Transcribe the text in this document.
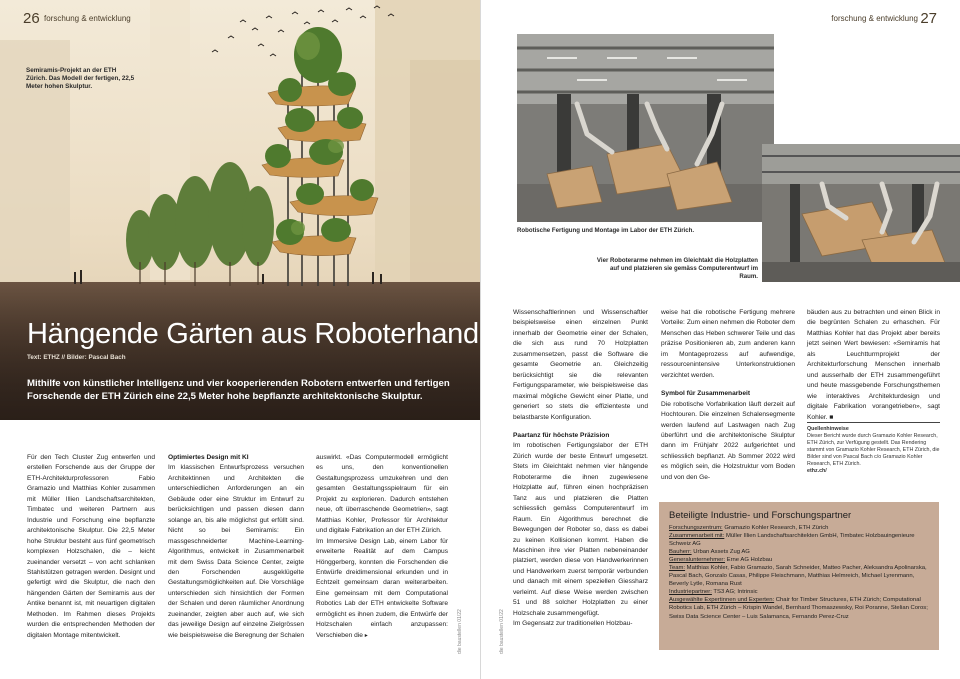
26 forschung & entwicklung
Semiramis-Projekt an der ETH Zürich. Das Modell der fertigen, 22,5 Meter hohen Skulptur.
Hängende Gärten aus Roboterhand
Text: ETHZ // Bilder: Pascal Bach
Mithilfe von künstlicher Intelligenz und vier kooperierenden Robotern entwerfen und fertigen Forschende der ETH Zürich eine 22,5 Meter hohe bepflanzte architektonische Skulptur.

Für den Tech Cluster Zug entwerfen und erstellen Forschende aus der Gruppe der ETH-Architekturprofessoren Fabio Gramazio und Matthias Kohler zusammen mit Müller Illien Landschaftsarchitekten, Timbatec und weiteren Partnern aus Industrie und Forschung eine bepflanzte architektonische Skulptur. Die 22,5 Meter hohe Struktur besteht aus fünf geometrisch komplexen Holzschalen, die – leicht zueinander versetzt – von acht schlanken Stahlstützen getragen werden. Designt und gefertigt wird die Skulptur, die nach den hängenden Gärten der Semiramis aus der Antike benannt ist, mit neuartigen digitalen Methoden. Im Rahmen dieses Projekts wurden die entsprechenden Methoden der digitalen Montage mitentwickelt.

Optimiertes Design mit KI

Im klassischen Entwurfsprozess versuchen Architektinnen und Architekten die unterschiedlichen Anforderungen an ein Gebäude oder eine Struktur im Entwurf zu berücksichtigen und passen diesen dann solange an, bis alle möglichst gut erfüllt sind. Nicht so bei Semiramis: Ein massgeschneiderter Machine-Learning-Algorithmus, entwickelt in Zusammenarbeit mit dem Swiss Data Science Center, zeigte den Forschenden ausgeklügelte Gestaltungsmöglichkeiten auf. Die Vorschläge unterschieden sich hinsichtlich der Formen der Schalen und deren räumlicher Anordnung zueinander, zeigten aber auch auf, wie sich das jeweilige Design auf einzelne Zielgrössen wie beispielsweise die Beregnung der Schalen

auswirkt. «Das Computermodell ermöglicht es uns, den konventionellen Gestaltungsprozess umzukehren und den gesamten Gestaltungsspielraum für ein Projekt zu explorieren. Dadurch entstehen neue, oft überraschende Geometrien», sagt Matthias Kohler, Professor für Architektur und digitale Fabrikation an der ETH Zürich.

Im Immersive Design Lab, einem Labor für erweiterte Realität auf dem Campus Hönggerberg, konnten die Forschenden die Entwürfe dreidimensional erkunden und in Echtzeit gemeinsam daran weiterarbeiten. Eine gemeinsam mit dem Computational Robotics Lab der ETH entwickelte Software ermöglicht es ihnen zudem, die Entwürfe der Holzschalen einfach anzupassen: Verschieben die ▸	die baustellen 01/22
forschung & entwicklung 27
Robotische Fertigung und Montage im Labor der ETH Zürich.
Vier Roboterarme nehmen im Gleichtakt die Holzplatten auf und platzieren sie gemäss Computerentwurf im Raum.

Wissenschaftlerinnen und Wissenschaftler beispielsweise einen einzelnen Punkt innerhalb der Geometrie einer der Schalen, die sich aus rund 70 Holzplatten zusammensetzen, passt die Software die gesamte Geometrie an. Gleichzeitig berücksichtigt sie die relevanten Fertigungsparameter, wie beispielsweise das maximal mögliche Gewicht einer Platte, und generiert so stets die effizienteste und belastbarste Konfiguration.

Paartanz für höchste Präzision

Im robotischen Fertigungslabor der ETH Zürich wurde der beste Entwurf umgesetzt. Stets im Gleichtakt nehmen vier hängende Roboterarme die ihnen zugewiesene Holzplatte auf, führen einen hochpräzisen Tanz aus und platzieren die Platten schliesslich gemäss Computerentwurf im Raum. Ein Algorithmus berechnet die Bewegungen der Roboter so, dass es dabei zu keinen Kollisionen kommt. Haben die Maschinen ihre vier Platten nebeneinander platziert, werden diese von Handwerkerinnen und Handwerkern zuerst temporär verbunden und danach mit einem speziellen Giessharz verleimt. Auf diese Weise werden zwischen 51 und 88 solcher Holzplatten zu einer Holzschale zusammengefügt.

Im Gegensatz zur traditionellen Holzbau-

weise hat die robotische Fertigung mehrere Vorteile: Zum einen nehmen die Roboter dem Menschen das Heben schwerer Teile und das präzise Positionieren ab, zum anderen kann im Montageprozess auf aufwendige, ressourcenintensive Unterkonstruktionen verzichtet werden.

Symbol für Zusammenarbeit

Die robotische Vorfabrikation läuft derzeit auf Hochtouren. Die einzelnen Schalensegmente werden laufend auf Lastwagen nach Zug überführt und die architektonische Skulptur dann im Frühjahr 2022 aufgerichtet und schliesslich bepflanzt. Ab Sommer 2022 wird es möglich sein, die Holzstruktur vom Boden und von den Ge-

bäuden aus zu betrachten und einen Blick in die begrünten Schalen zu erhaschen. Für Matthias Kohler hat das Projekt aber bereits jetzt seinen Wert bewiesen: «Semiramis hat als Leuchtturmprojekt der Architekturforschung Menschen innerhalb und ausserhalb der ETH zusammengeführt und heute massgebende Forschungsthemen wie interaktives Architekturdesign und digitale Fabrikation vorangetrieben», sagt Kohler. ■

Quellenhinweise
Dieser Bericht wurde durch Gramazio Kohler Research, ETH Zürich, zur Verfügung gestellt. Das Rendering stammt von Gramazio Kohler Research, ETH Zürich, die Bilder sind von Pascal Bach c/o Gramazio Kohler Research, ETH Zürich.
ethz.ch/
Beteiligte Industrie- und Forschungspartner
Forschungszentrum: Gramazio Kohler Research, ETH Zürich
Zusammenarbeit mit: Müller Illien Landschaftsarchitekten GmbH, Timbatec Holzbauingenieure Schweiz AG
Bauherr: Urban Assets Zug AG
Generalunternehmer: Erne AG Holzbau
Team: Matthias Kohler, Fabio Gramazio, Sarah Schneider, Matteo Pacher, Aleksandra Apolinarska, Pascal Bach, Gonzalo Casas, Philippe Fleischmann, Matthias Helmreich, Michael Lyrenmann, Beverly Lytle, Romana Rust
Industriepartner: TS3 AG; Intrinsic
Ausgewählte Expertinnen und Experten: Chair for Timber Structures, ETH Zürich; Computational Robotics Lab, ETH Zürich – Krispin Wandel, Bernhard Thomaszewsky, Roi Poranne, Stelian Coros; Swiss Data Science Center – Luis Salamanca, Fernando Perez-Cruz
die baustellen 01/22
